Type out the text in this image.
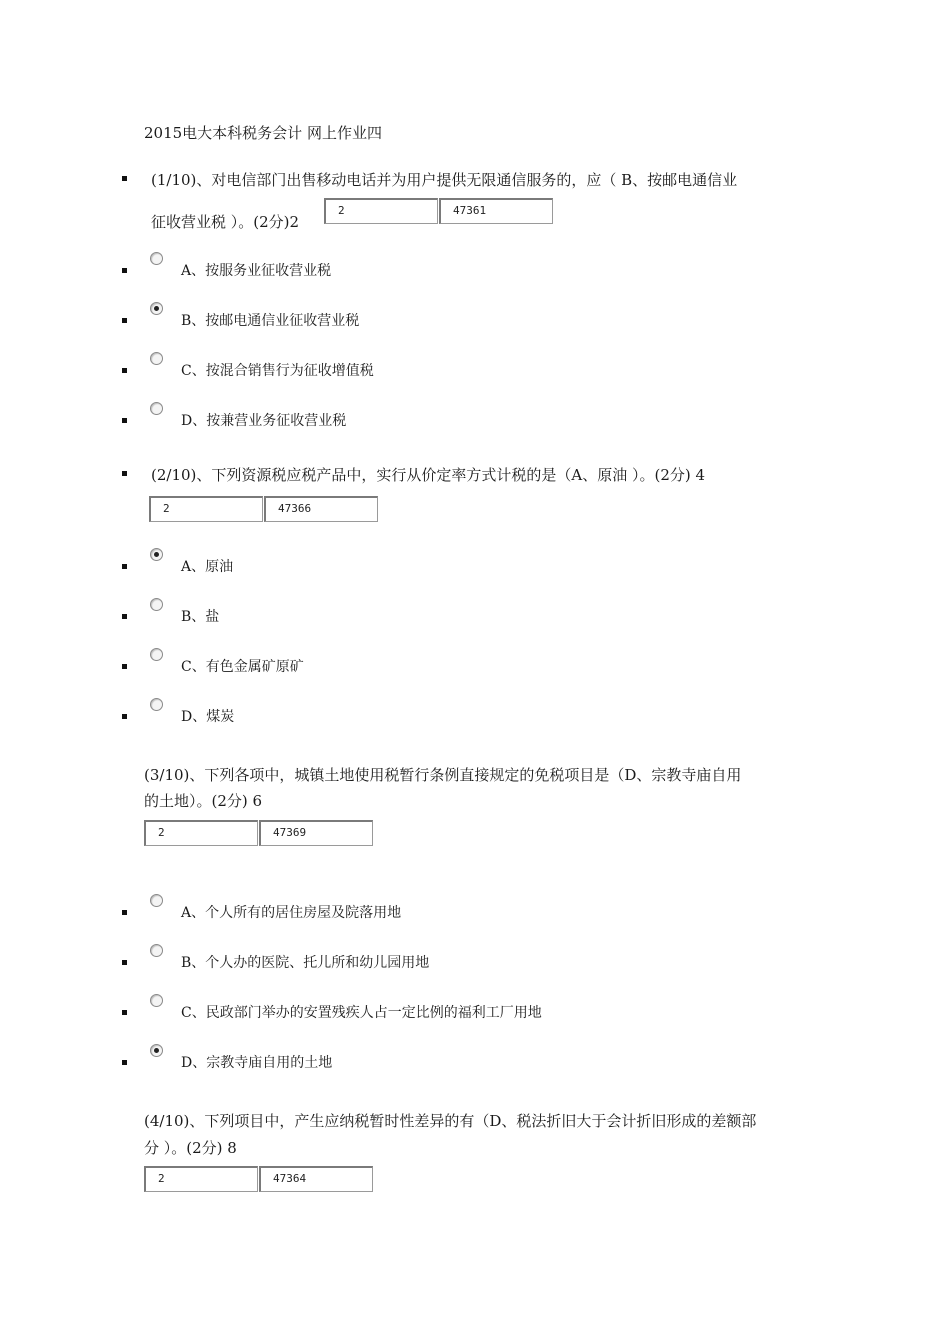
2015电大本科税务会计 网上作业四
(1/10)、对电信部门出售移动电话并为用户提供无限通信服务的，应（ B、按邮电通信业
征收营业税 ）。(2分)2
2	47361
A、按服务业征收营业税
B、按邮电通信业征收营业税
C、按混合销售行为征收增值税
D、按兼营业务征收营业税
(2/10)、下列资源税应税产品中，实行从价定率方式计税的是（A、原油 ）。(2分) 4
2	47366
A、原油
B、盐
C、有色金属矿原矿
D、煤炭
(3/10)、下列各项中，城镇土地使用税暂行条例直接规定的免税项目是（D、宗教寺庙自用
的土地）。(2分) 6
2	47369
A、个人所有的居住房屋及院落用地
B、个人办的医院、托儿所和幼儿园用地
C、民政部门举办的安置残疾人占一定比例的福利工厂用地
D、宗教寺庙自用的土地
(4/10)、下列项目中，产生应纳税暂时性差异的有（D、税法折旧大于会计折旧形成的差额部
分 ）。(2分) 8
2	47364
